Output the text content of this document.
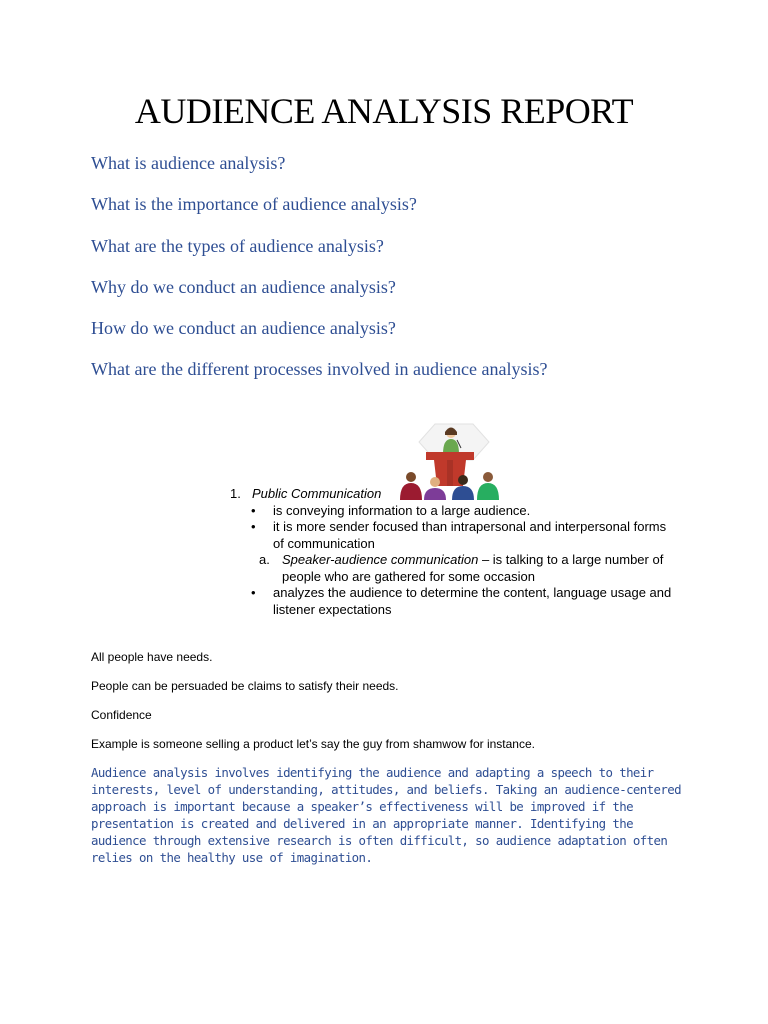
AUDIENCE ANALYSIS REPORT
What is audience analysis?
What is the importance of audience analysis?
What are the types of audience analysis?
Why do we conduct an audience analysis?
How do we conduct an audience analysis?
What are the different processes involved in audience analysis?
1. Public Communication
•	is conveying information to a large audience.
•	it is more sender focused than intrapersonal and interpersonal forms of communication
a. Speaker-audience communication – is talking to a large number of people who are gathered for some occasion
•	analyzes the audience to determine the content, language usage and listener expectations
All people have needs.
People can be persuaded be claims to satisfy their needs.
Confidence
Example is someone selling a product let’s say the guy from shamwow for instance.
Audience analysis involves identifying the audience and adapting a speech to their interests, level of understanding, attitudes, and beliefs. Taking an audience-centered approach is important because a speaker’s effectiveness will be improved if the presentation is created and delivered in an appropriate manner. Identifying the audience through extensive research is often difficult, so audience adaptation often relies on the healthy use of imagination.
